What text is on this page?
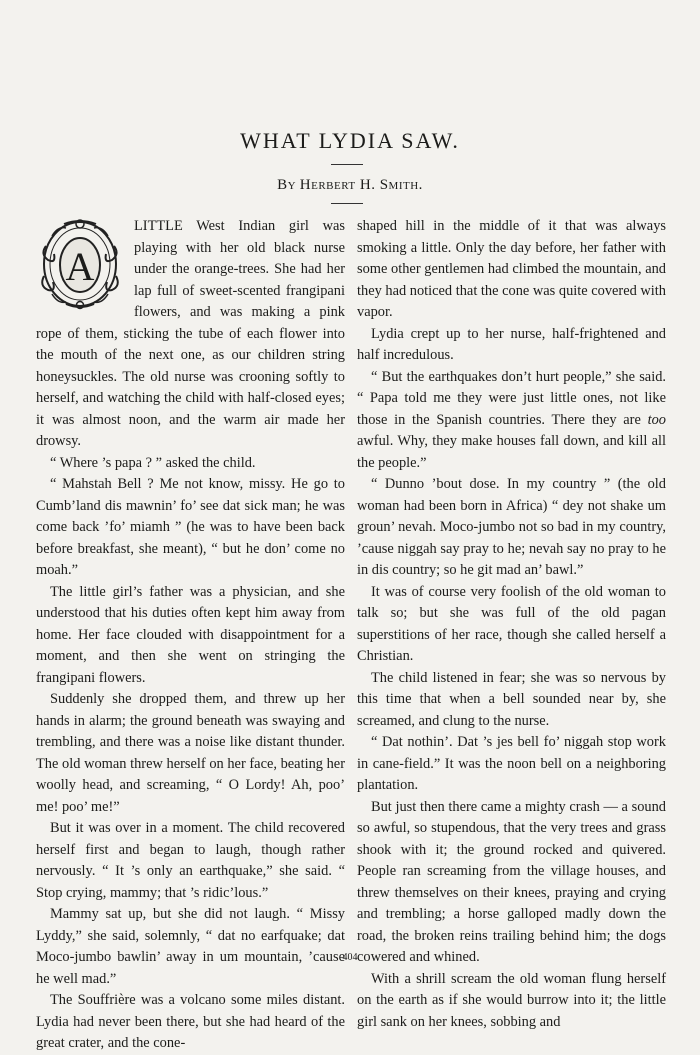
WHAT LYDIA SAW.
By Herbert H. Smith.
A

LITTLE West Indian girl was playing with her old black nurse under the orange-trees. She had her lap full of sweet-scented frangipani flowers, and was making a pink rope of them, sticking the tube of each flower into the mouth of the next one, as our children string honeysuckles. The old nurse was crooning softly to herself, and watching the child with half-closed eyes; it was almost noon, and the warm air made her drowsy.

“ Where ’s papa ? ” asked the child.

“ Mahstah Bell ? Me not know, missy. He go to Cumb’land dis mawnin’ fo’ see dat sick man; he was come back ’fo’ miamh ” (he was to have been back before breakfast, she meant), “ but he don’ come no moah.”

The little girl’s father was a physician, and she understood that his duties often kept him away from home. Her face clouded with disappointment for a moment, and then she went on stringing the frangipani flowers.

Suddenly she dropped them, and threw up her hands in alarm; the ground beneath was swaying and trembling, and there was a noise like distant thunder. The old woman threw herself on her face, beating her woolly head, and screaming, “ O Lordy! Ah, poo’ me! poo’ me!”

But it was over in a moment. The child recovered herself first and began to laugh, though rather nervously. “ It ’s only an earthquake,” she said. “ Stop crying, mammy; that ’s ridic’lous.”

Mammy sat up, but she did not laugh. “ Missy Lyddy,” she said, solemnly, “ dat no earfquake; dat Moco-jumbo bawlin’ away in um mountain, ’cause he well mad.”

The Souffrière was a volcano some miles distant. Lydia had never been there, but she had heard of the great crater, and the cone-

shaped hill in the middle of it that was always smoking a little. Only the day before, her father with some other gentlemen had climbed the mountain, and they had noticed that the cone was quite covered with vapor.

Lydia crept up to her nurse, half-frightened and half incredulous.

“ But the earthquakes don’t hurt people,” she said. “ Papa told me they were just little ones, not like those in the Spanish countries. There they are too awful. Why, they make houses fall down, and kill all the people.”

“ Dunno ’bout dose. In my country ” (the old woman had been born in Africa) “ dey not shake um groun’ nevah. Moco-jumbo not so bad in my country, ’cause niggah say pray to he; nevah say no pray to he in dis country; so he git mad an’ bawl.”

It was of course very foolish of the old woman to talk so; but she was full of the old pagan superstitions of her race, though she called herself a Christian.

The child listened in fear; she was so nervous by this time that when a bell sounded near by, she screamed, and clung to the nurse.

“ Dat nothin’. Dat ’s jes bell fo’ niggah stop work in cane-field.” It was the noon bell on a neighboring plantation.

But just then there came a mighty crash — a sound so awful, so stupendous, that the very trees and grass shook with it; the ground rocked and quivered. People ran screaming from the village houses, and threw themselves on their knees, praying and crying and trembling; a horse galloped madly down the road, the broken reins trailing behind him; the dogs cowered and whined.

With a shrill scream the old woman flung herself on the earth as if she would burrow into it; the little girl sank on her knees, sobbing and

404
